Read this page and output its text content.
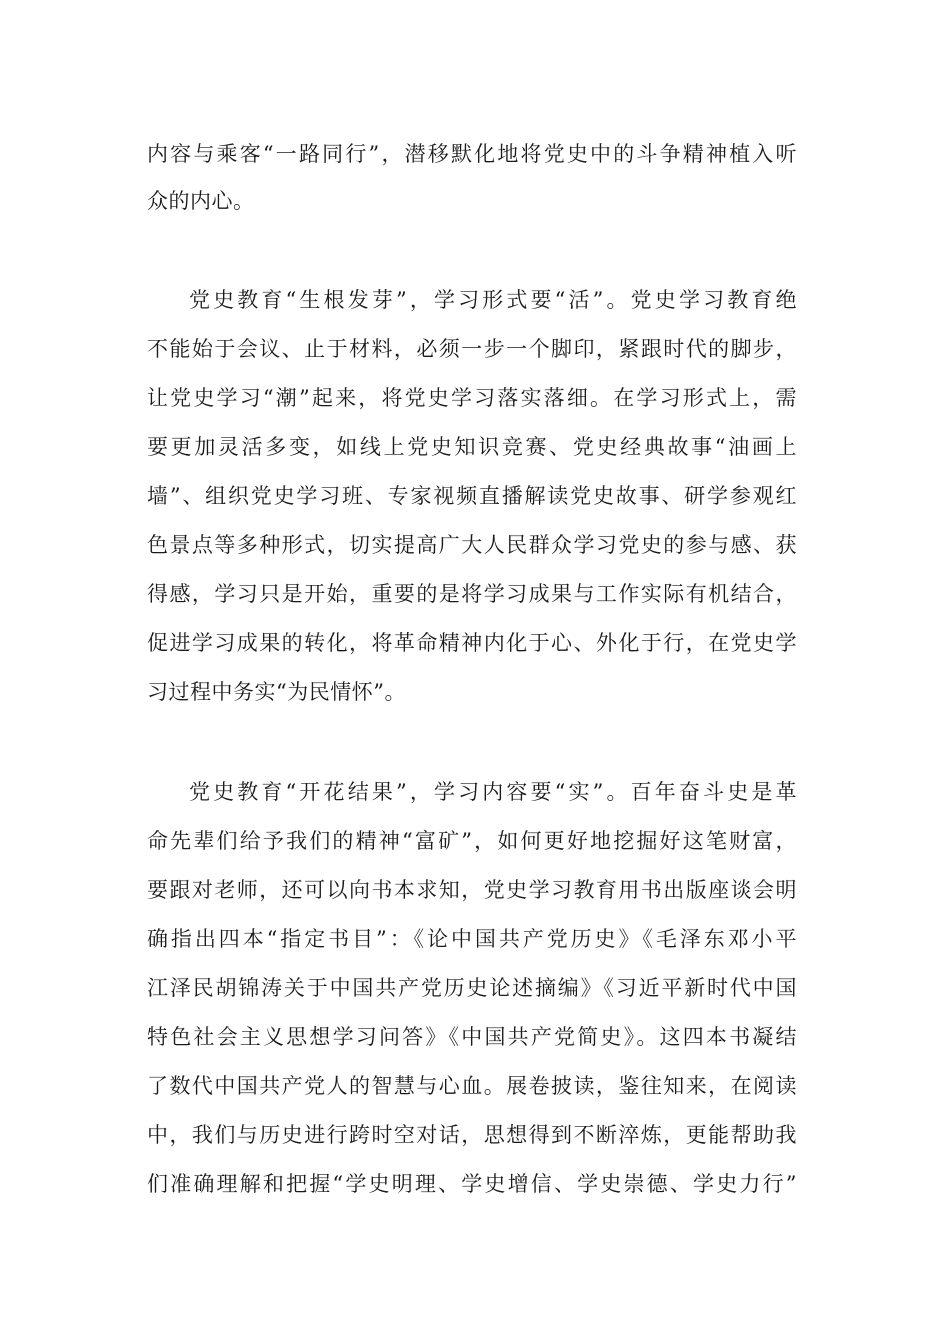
内容与乘客“一路同行”，潜移默化地将党史中的斗争精神植入听
众的内心。
党史教育“生根发芽”，学习形式要“活”。党史学习教育绝
不能始于会议、止于材料，必须一步一个脚印，紧跟时代的脚步，
让党史学习“潮”起来，将党史学习落实落细。在学习形式上，需
要更加灵活多变，如线上党史知识竞赛、党史经典故事“油画上
墙”、组织党史学习班、专家视频直播解读党史故事、研学参观红
色景点等多种形式，切实提高广大人民群众学习党史的参与感、获
得感，学习只是开始，重要的是将学习成果与工作实际有机结合，
促进学习成果的转化，将革命精神内化于心、外化于行，在党史学
习过程中务实“为民情怀”。
党史教育“开花结果”，学习内容要“实”。百年奋斗史是革
命先辈们给予我们的精神“富矿”，如何更好地挖掘好这笔财富，
要跟对老师，还可以向书本求知，党史学习教育用书出版座谈会明
确指出四本“指定书目”：《论中国共产党历史》《毛泽东邓小平
江泽民胡锦涛关于中国共产党历史论述摘编》《习近平新时代中国
特色社会主义思想学习问答》《中国共产党简史》。这四本书凝结
了数代中国共产党人的智慧与心血。展卷披读，鉴往知来，在阅读
中，我们与历史进行跨时空对话，思想得到不断淬炼，更能帮助我
们准确理解和把握“学史明理、学史增信、学史崇德、学史力行”
